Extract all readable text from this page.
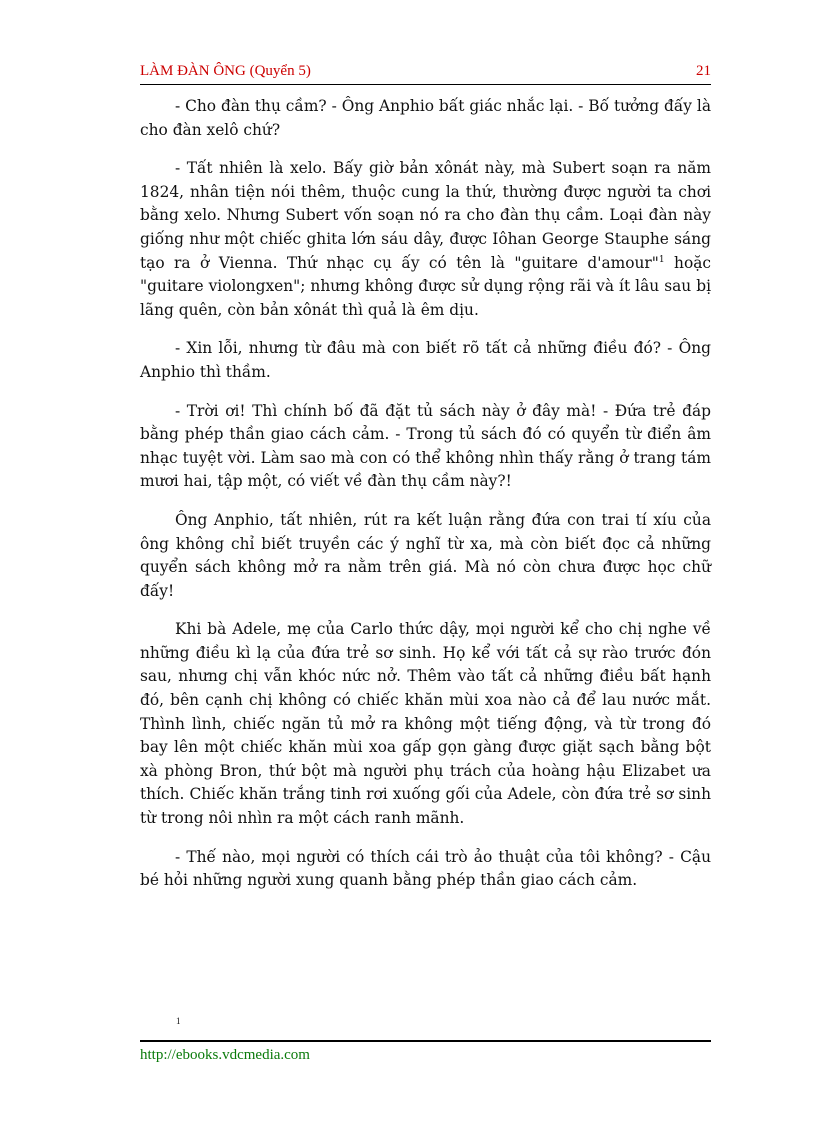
LÀM ĐÀN ÔNG (Quyển 5)	21

- Cho đàn thụ cầm? - Ông Anphio bất giác nhắc lại. - Bố tưởng đấy là cho đàn xelô chứ?

- Tất nhiên là xelo. Bấy giờ bản xônát này, mà Subert soạn ra năm 1824, nhân tiện nói thêm, thuộc cung la thứ, thường được người ta chơi bằng xelo. Nhưng Subert vốn soạn nó ra cho đàn thụ cầm. Loại đàn này giống như một chiếc ghita lớn sáu dây, được Iôhan George Stauphe sáng tạo ra ở Vienna. Thứ nhạc cụ ấy có tên là "guitare d'amour"$^1$ hoặc "guitare violongxen"; nhưng không được sử dụng rộng rãi và ít lâu sau bị lãng quên, còn bản xônát thì quả là êm dịu.

- Xin lỗi, nhưng từ đâu mà con biết rõ tất cả những điều đó? - Ông Anphio thì thầm.

- Trời ơi! Thì chính bố đã đặt tủ sách này ở đây mà! - Đứa trẻ đáp bằng phép thần giao cách cảm. - Trong tủ sách đó có quyển từ điển âm nhạc tuyệt vời. Làm sao mà con có thể không nhìn thấy rằng ở trang tám mươi hai, tập một, có viết về đàn thụ cầm này?!

Ông Anphio, tất nhiên, rút ra kết luận rằng đứa con trai tí xíu của ông không chỉ biết truyền các ý nghĩ từ xa, mà còn biết đọc cả những quyển sách không mở ra nằm trên giá. Mà nó còn chưa được học chữ đấy!

Khi bà Adele, mẹ của Carlo thức dậy, mọi người kể cho chị nghe về những điều kì lạ của đứa trẻ sơ sinh. Họ kể với tất cả sự rào trước đón sau, nhưng chị vẫn khóc nức nở. Thêm vào tất cả những điều bất hạnh đó, bên cạnh chị không có chiếc khăn mùi xoa nào cả để lau nước mắt. Thình lình, chiếc ngăn tủ mở ra không một tiếng động, và từ trong đó bay lên một chiếc khăn mùi xoa gấp gọn gàng được giặt sạch bằng bột xà phòng Bron, thứ bột mà người phụ trách của hoàng hậu Elizabet ưa thích. Chiếc khăn trắng tinh rơi xuống gối của Adele, còn đứa trẻ sơ sinh từ trong nôi nhìn ra một cách ranh mãnh.

- Thế nào, mọi người có thích cái trò ảo thuật của tôi không? - Cậu bé hỏi những người xung quanh bằng phép thần giao cách cảm.

1
http://ebooks.vdcmedia.com
